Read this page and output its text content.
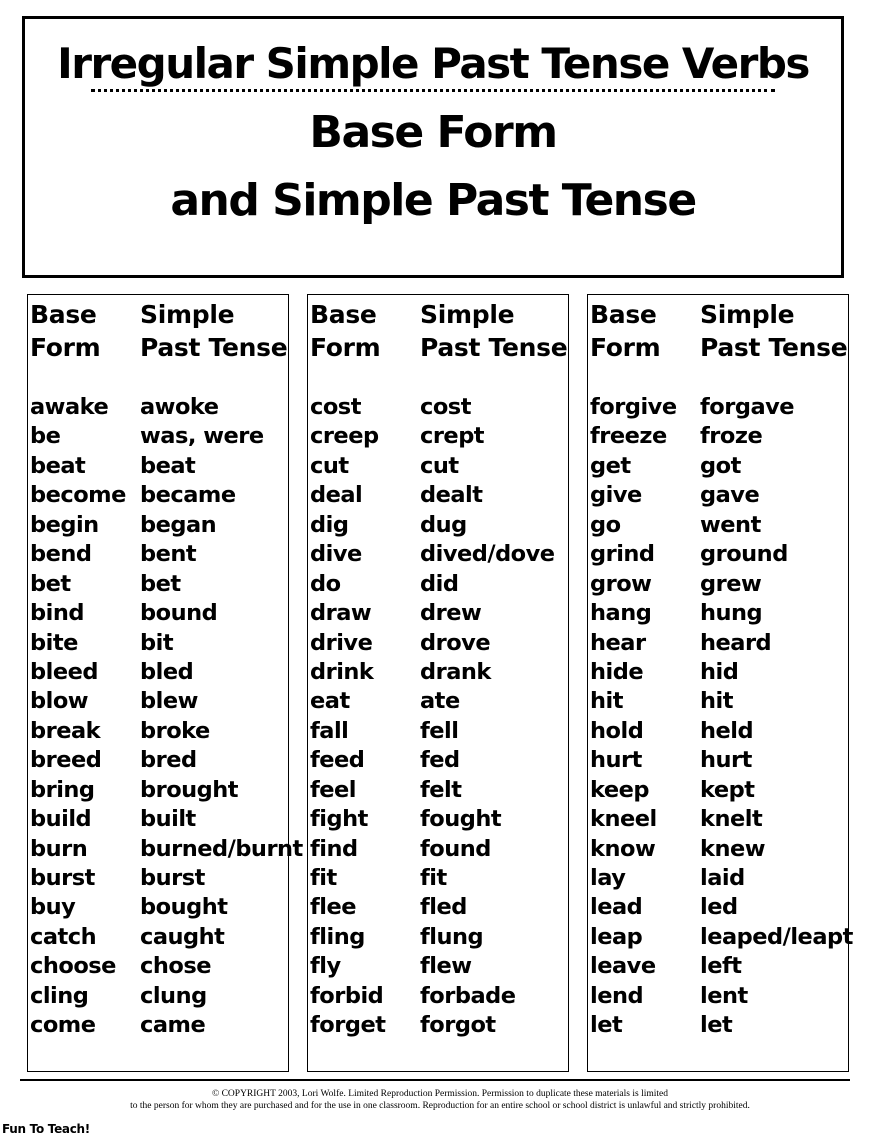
Irregular Simple Past Tense Verbs
Base Form
and Simple Past Tense
Base
Form
Simple
Past Tense
awake awoke
be	was, were
beat beat
become became
begin began
bend bent
bet	bet
bind bound
bite	bit
bleed bled
blow blew
break broke
breed bred
bring brought
build built
burn burned/burnt
burst burst
buy	bought
catch caught
choose chose
cling clung
come came
Base
Form
Simple
Past Tense
cost	cost
creep crept
cut	cut
deal	dealt
dig	dug
dive	dived/dove
do	did
draw drew
drive drove
drink drank
eat	ate
fall	fell
feed fed
feel	felt
fight fought
find	found
fit	fit
flee	fled
fling flung
fly	flew
forbid forbade
forget forgot
Base
Form
Simple
Past Tense
forgive forgave
freeze froze
get	got
give	gave
go	went
grind ground
grow grew
hang hung
hear heard
hide	hid
hit	hit
hold	held
hurt	hurt
keep kept
kneel knelt
know knew
lay	laid
lead	led
leap	leaped/leapt
leave left
lend	lent
let	let
© COPYRIGHT 2003, Lori Wolfe. Limited Reproduction Permission. Permission to duplicate these materials is limited
to the person for whom they are purchased and for the use in one classroom. Reproduction for an entire school or school district is unlawful and strictly prohibited.
Fun To Teach!
